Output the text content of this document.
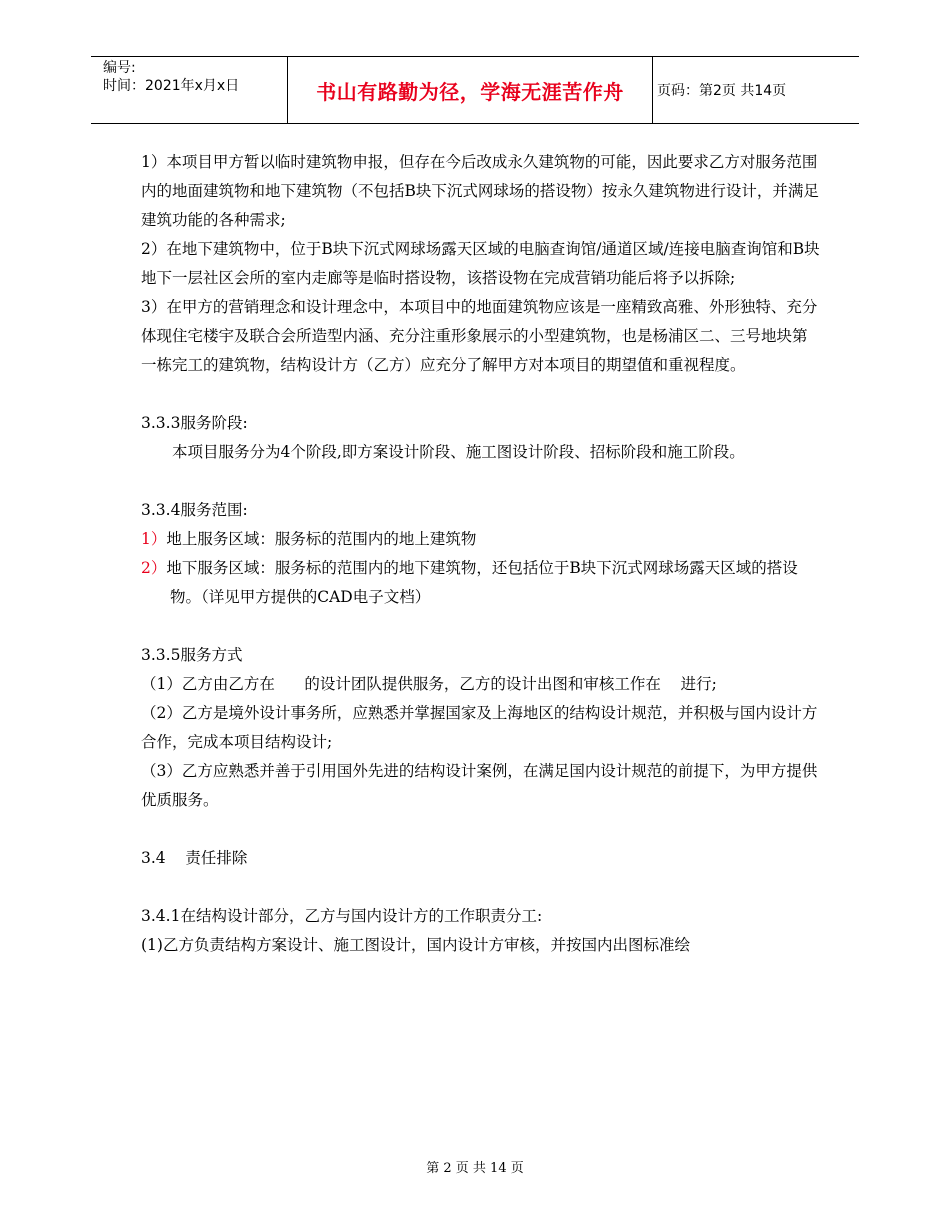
编号:
时间：2021年x月x日	书山有路勤为径，学海无涯苦作舟	页码：第2页 共14页

1）本项目甲方暂以临时建筑物申报，但存在今后改成永久建筑物的可能，因此要求乙方对服务范围内的地面建筑物和地下建筑物（不包括B块下沉式网球场的搭设物）按永久建筑物进行设计，并满足建筑功能的各种需求;

2）在地下建筑物中，位于B块下沉式网球场露天区域的电脑查询馆/通道区域/连接电脑查询馆和B块地下一层社区会所的室内走廊等是临时搭设物，该搭设物在完成营销功能后将予以拆除;

3）在甲方的营销理念和设计理念中，本项目中的地面建筑物应该是一座精致高雅、外形独特、充分体现住宅楼宇及联合会所造型内涵、充分注重形象展示的小型建筑物，也是杨浦区二、三号地块第一栋完工的建筑物，结构设计方（乙方）应充分了解甲方对本项目的期望值和重视程度。

3.3.3服务阶段:

本项目服务分为4个阶段,即方案设计阶段、施工图设计阶段、招标阶段和施工阶段。

3.3.4服务范围:

1）地上服务区域：服务标的范围内的地上建筑物

2）地下服务区域：服务标的范围内的地下建筑物，还包括位于B块下沉式网球场露天区域的搭设物。（详见甲方提供的CAD电子文档）

3.3.5服务方式

（1）乙方由乙方在      的设计团队提供服务，乙方的设计出图和审核工作在    进行;

（2）乙方是境外设计事务所，应熟悉并掌握国家及上海地区的结构设计规范，并积极与国内设计方合作，完成本项目结构设计;

（3）乙方应熟悉并善于引用国外先进的结构设计案例，在满足国内设计规范的前提下，为甲方提供优质服务。

3.4    责任排除

3.4.1在结构设计部分，乙方与国内设计方的工作职责分工:

(1)乙方负责结构方案设计、施工图设计，国内设计方审核，并按国内出图标准绘

第 2 页 共 14 页
